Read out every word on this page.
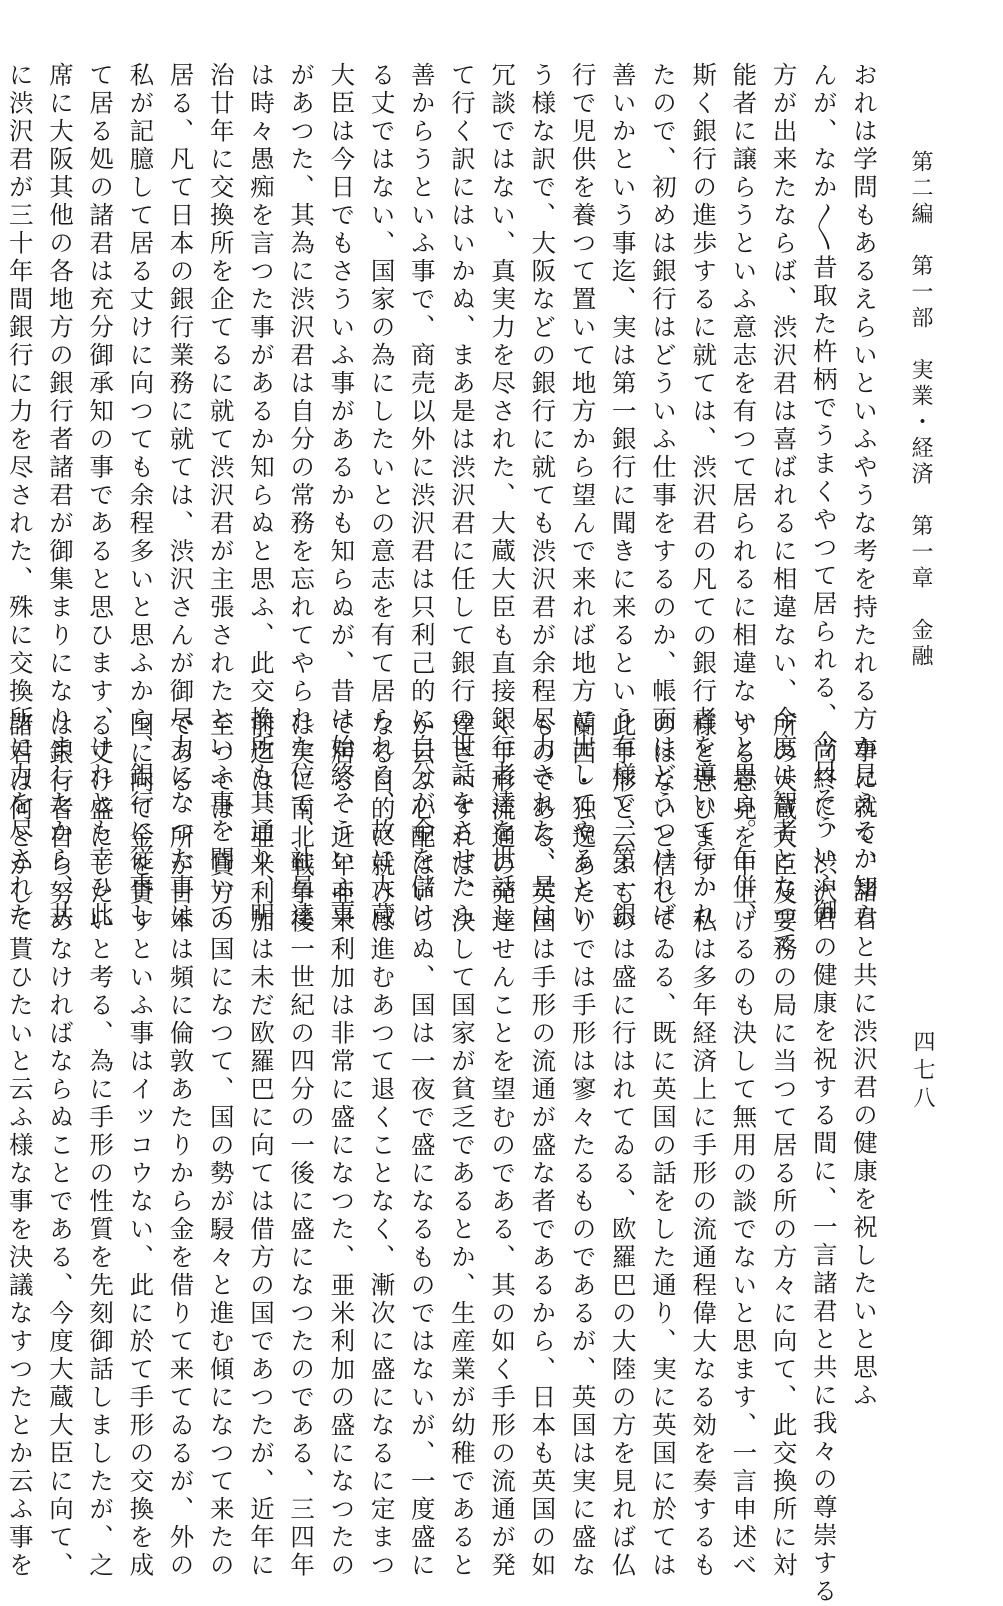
第二編　第一部　実業・経済　第一章　金融
四七八
おれは学問もあるえらいといふやうな考を持たれる方か見えるか知ら
んが、なか〳〵昔取た杵柄でうまくやつて居られる、今日そういふ御
方が出来たならば、渋沢君は喜ばれるに相違ない、今度は智者となつて
能者に譲らうといふ意志を有つて居られるに相違ないと思ふ。乍併、
斯く銀行の進歩するに就ては、渋沢君の凡ての銀行者を導いて行かれ
たので、初めは銀行はどういふ仕事をするのか、帳面はどうつければ
善いかという事迄、実は第一銀行に聞きに来るという有様で、第一銀
行で児供を養つて置いて地方から望んで来れば地方に出してやるとい
う様な訳で、大阪などの銀行に就ても渋沢君が余程尽力された、是は
冗談ではない、真実力を尽された、大蔵大臣も直接銀行者達を世話し
て行く訳にはいかぬ、まあ是は渋沢君に任して銀行の世話をさせたら
善からうといふ事で、商売以外に渋沢君は只利己的に自分が金を儲け
る丈ではない、国家の為にしたいとの意志を有て居られる、故に大蔵
大臣は今日でもさういふ事があるかも知らぬが、昔は始終そういふ事
があつた、其為に渋沢君は自分の常務を忘れてやられた位で、社員達
は時々愚痴を言つた事があるか知らぬと思ふ、此交換所も其通り、明
治廿年に交換所を企てるに就て渋沢君が主張されたといふ事を聞いて
居る、凡て日本の銀行業務に就ては、渋沢さんが御尽力になつた事は
私が記臆して居る丈けに向つても余程多いと思ふから、銀行に従事し
て居る処の諸君は充分御承知の事であると思ひます、けれとも幸ひ此
席に大阪其他の各地方の銀行者諸君が御集まりになりましたから、共
に渋沢君が三十年間銀行に力を尽された、殊に交換所に力を尽された
事に就て、諸君と共に渋沢君の健康を祝したいと思ふ
尚終に、渋沢君の健康を祝する間に、一言諸君と共に我々の尊崇する
所の大蔵大臣及要務の局に当つて居る所の方々に向て、此交換所に対
する意見を申上げるのも決して無用の談でないと思ます、一言申述べ
様と思ひます、私は多年経済上に手形の流通程偉大なる効を奏するも
のはないと信じてゐる、既に英国の話をした通り、実に英国に於ては
此手形と云ふものは盛に行はれてゐる、欧羅巴の大陸の方を見れば仏
蘭西・独逸あたりでは手形は寥々たるものであるが、英国は実に盛な
ものである、英国は手形の流通が盛な者であるから、日本も英国の如
く手形流通の発達せんことを望むのである、其の如く手形の流通が発
達さへすれば、決して国家が貧乏であるとか、生産業が幼稚であると
か云ふ心配はいらぬ、国は一夜で盛になるものではないが、一度盛に
なる目的に就けば進むあつて退くことなく、漸次に盛になるに定まつ
て居る、近年亜米利加は非常に盛になつた、亜米利加の盛になつたの
は実に南北戦争後一世紀の四分の一後に盛になつたのである、三四年
前迄は、亜米利加は未だ欧羅巴に向ては借方の国であつたが、近年に
至つては、貸方の国になつて、国の勢が駸々と進む傾になつて来たの
である、所が日本は頻に倫敦あたりから金を借りて来てゐるが、外の
国に向て金を貸すといふ事はイッコウない、此に於て手形の交換を成
る丈け盛にしたいと考る、為に手形の性質を先刻御話しましたが、之
は銀行者自ら努めなければならぬことである、今度大蔵大臣に向て、
諸君は何とかして貰ひたいと云ふ様な事を決議なすつたとか云ふ事を
